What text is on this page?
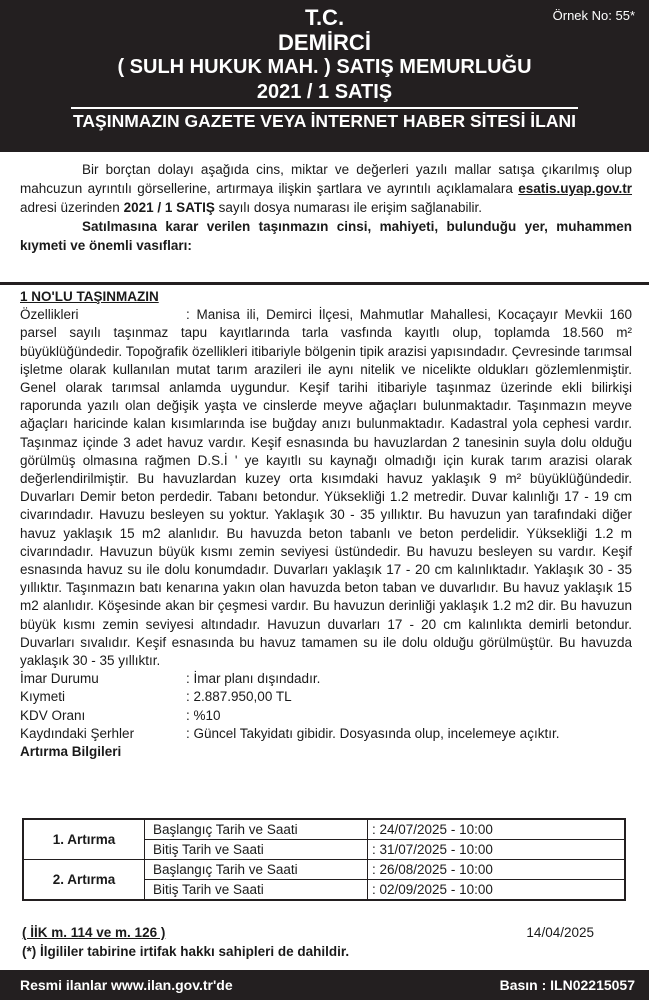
Örnek No: 55*
T.C.
DEMİRCİ
( SULH HUKUK MAH. ) SATIŞ MEMURLUĞU
2021 / 1 SATIŞ
TAŞINMAZIN GAZETE VEYA İNTERNET HABER SİTESİ İLANI

Bir borçtan dolayı aşağıda cins, miktar ve değerleri yazılı mallar satışa çıkarılmış olup mahcuzun ayrıntılı görsellerine, artırmaya ilişkin şartlara ve ayrıntılı açıklamalara esatis.uyap.gov.tr adresi üzerinden 2021 / 1 SATIŞ sayılı dosya numarası ile erişim sağlanabilir.

Satılmasına karar verilen taşınmazın cinsi, mahiyeti, bulunduğu yer, muhammen kıymeti ve önemli vasıfları:

1 NO'LU TAŞINMAZIN

Özellikleri	: Manisa ili, Demirci İlçesi, Mahmutlar Mahallesi, Kocaçayır Mevkii 160 parsel sayılı taşınmaz tapu kayıtlarında tarla vasfında kayıtlı olup, toplamda 18.560 m² büyüklüğündedir. Topoğrafik özellikleri itibariyle bölgenin tipik arazisi yapısındadır. Çevresinde tarımsal işletme olarak kullanılan mutat tarım arazileri ile aynı nitelik ve nicelikte oldukları gözlemlenmiştir. Genel olarak tarımsal anlamda uygundur. Keşif tarihi itibariyle taşınmaz üzerinde ekli bilirkişi raporunda yazılı olan değişik yaşta ve cinslerde meyve ağaçları bulunmaktadır. Taşınmazın meyve ağaçları haricinde kalan kısımlarında ise buğday anızı bulunmaktadır. Kadastral yola cephesi vardır. Taşınmaz içinde 3 adet havuz vardır. Keşif esnasında bu havuzlardan 2 tanesinin suyla dolu olduğu görülmüş olmasına rağmen D.S.İ ' ye kayıtlı su kaynağı olmadığı için kurak tarım arazisi olarak değerlendirilmiştir. Bu havuzlardan kuzey orta kısımdaki havuz yaklaşık 9 m² büyüklüğündedir. Duvarları Demir beton perdedir. Tabanı betondur. Yüksekliği 1.2 metredir. Duvar kalınlığı 17 - 19 cm civarındadır. Havuzu besleyen su yoktur. Yaklaşık 30 - 35 yıllıktır. Bu havuzun yan tarafındaki diğer havuz yaklaşık 15 m2 alanlıdır. Bu havuzda beton tabanlı ve beton perdelidir. Yüksekliği 1.2 m civarındadır. Havuzun büyük kısmı zemin seviyesi üstündedir. Bu havuzu besleyen su vardır. Keşif esnasında havuz su ile dolu konumdadır. Duvarları yaklaşık 17 - 20 cm kalınlıktadır. Yaklaşık 30 - 35 yıllıktır. Taşınmazın batı kenarına yakın olan havuzda beton taban ve duvarlıdır. Bu havuz yaklaşık 15 m2 alanlıdır. Köşesinde akan bir çeşmesi vardır. Bu havuzun derinliği yaklaşık 1.2 m2 dir. Bu havuzun büyük kısmı zemin seviyesi altındadır. Havuzun duvarları 17 - 20 cm kalınlıkta demirli betondur. Duvarları sıvalıdır. Keşif esnasında bu havuz tamamen su ile dolu olduğu görülmüştür. Bu havuzda yaklaşık 30 - 35 yıllıktır.

İmar Durumu	: İmar planı dışındadır.
Kıymeti	: 2.887.950,00 TL
KDV Oranı	: %10
Kaydındaki Şerhler	: Güncel Takyidatı gibidir. Dosyasında olup, incelemeye açıktır.

Artırma Bilgileri

1. Artırma	Başlangıç Tarih ve Saati	: 24/07/2025 - 10:00
	Bitiş Tarih ve Saati	: 31/07/2025 - 10:00
2. Artırma	Başlangıç Tarih ve Saati	: 26/08/2025 - 10:00
	Bitiş Tarih ve Saati	: 02/09/2025 - 10:00
( İİK m. 114 ve m. 126 )	14/04/2025
(*) İlgililer tabirine irtifak hakkı sahipleri de dahildir.
Resmi ilanlar www.ilan.gov.tr'de	Basın : ILN02215057
